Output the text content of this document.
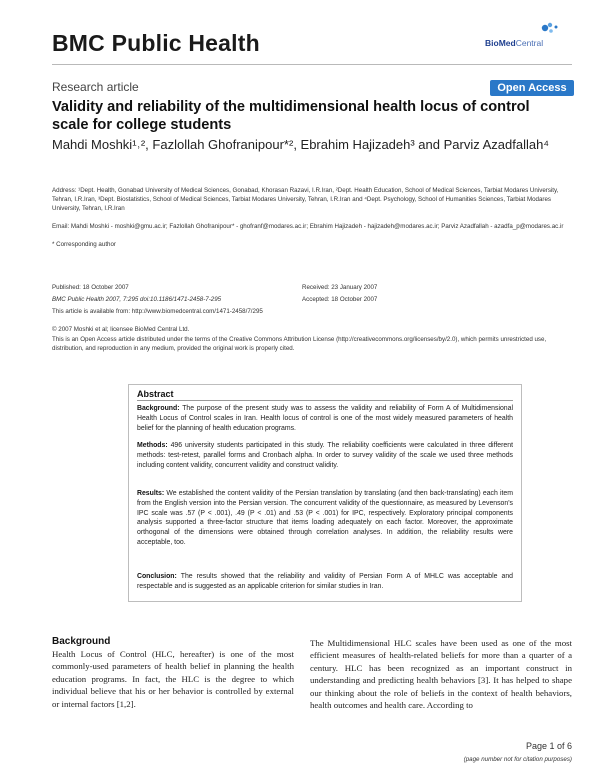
BMC Public Health	BioMedCentral
Research article	Open Access
Validity and reliability of the multidimensional health locus of control scale for college students
Mahdi Moshki¹˒², Fazlollah Ghofranipour*², Ebrahim Hajizadeh³ and Parviz Azadfallah⁴
Address: ¹Dept. Health, Gonabad University of Medical Sciences, Gonabad, Khorasan Razavi, I.R.Iran, ²Dept. Health Education, School of Medical Sciences, Tarbiat Modares University, Tehran, I.R.Iran, ³Dept. Biostatistics, School of Medical Sciences, Tarbiat Modares University, Tehran, I.R.Iran and ⁴Dept. Psychology, School of Humanities Sciences, Tarbiat Modares University, Tehran, I.R.Iran
Email: Mahdi Moshki - moshki@gmu.ac.ir; Fazlollah Ghofranipour* - ghofranf@modares.ac.ir; Ebrahim Hajizadeh - hajizadeh@modares.ac.ir; Parviz Azadfallah - azadfa_p@modares.ac.ir
* Corresponding author
Published: 18 October 2007
BMC Public Health 2007, 7:295 doi:10.1186/1471-2458-7-295
This article is available from: http://www.biomedcentral.com/1471-2458/7/295
Received: 23 January 2007
Accepted: 18 October 2007
© 2007 Moshki et al; licensee BioMed Central Ltd.
This is an Open Access article distributed under the terms of the Creative Commons Attribution License (http://creativecommons.org/licenses/by/2.0), which permits unrestricted use, distribution, and reproduction in any medium, provided the original work is properly cited.
Abstract
Background: The purpose of the present study was to assess the validity and reliability of Form A of Multidimensional Health Locus of Control scales in Iran. Health locus of control is one of the most widely measured parameters of health belief for the planning of health education programs.
Methods: 496 university students participated in this study. The reliability coefficients were calculated in three different methods: test-retest, parallel forms and Cronbach alpha. In order to survey validity of the scale we used three methods including content validity, concurrent validity and construct validity.
Results: We established the content validity of the Persian translation by translating (and then back-translating) each item from the English version into the Persian version. The concurrent validity of the questionnaire, as measured by Levenson's IPC scale was .57 (P < .001), .49 (P < .01) and .53 (P < .001) for IPC, respectively. Exploratory principal components analysis supported a three-factor structure that items loading adequately on each factor. Moreover, the approximate orthogonal of the dimensions were obtained through correlation analyses. In addition, the reliability results were acceptable, too.
Conclusion: The results showed that the reliability and validity of Persian Form A of MHLC was acceptable and respectable and is suggested as an applicable criterion for similar studies in Iran.
Background
Health Locus of Control (HLC, hereafter) is one of the most commonly-used parameters of health belief in planning the health education programs. In fact, the HLC is the degree to which individual believe that his or her behavior is controlled by external or internal factors [1,2].
The Multidimensional HLC scales have been used as one of the most efficient measures of health-related beliefs for more than a quarter of a century. HLC has been recognized as an important construct in understanding and predicting health behaviors [3]. It has helped to shape our thinking about the role of beliefs in the context of health behaviors, health outcomes and health care. According to
Page 1 of 6
(page number not for citation purposes)
